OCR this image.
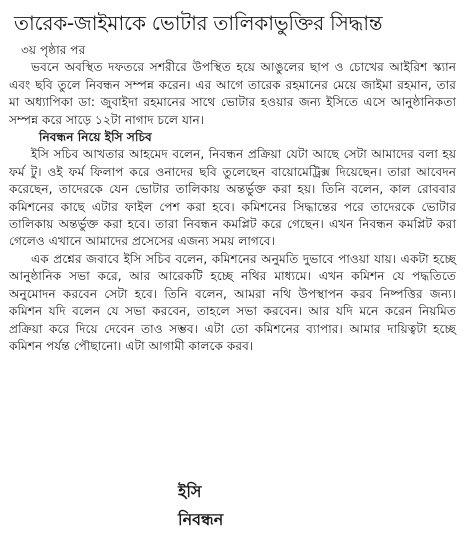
তারেক-জাইমাকে ভোটার তালিকাভুক্তির সিদ্ধান্ত

৩য় পৃষ্ঠার পর

ভবনে অবস্থিত দফতরে সশরীরে উপস্থিত হয়ে আঙুলের ছাপ ও চোখের আইরিশ স্ক্যান এবং ছবি তুলে নিবন্ধন সম্পন্ন করেন। এর আগে তারেক রহমানের মেয়ে জাইমা রহমান, তার মা অধ্যাপিকা ডা: জুবাইদা রহমানের সাথে ভোটার হওয়ার জন্য ইসিতে এসে আনুষ্ঠানিকতা সম্পন্ন করে সাড়ে ১২টা নাগাদ চলে যান।

নিবন্ধন নিয়ে ইসি সচিব

ইসি সচিব আখতার আহমেদ বলেন, নিবন্ধন প্রক্রিয়া যেটা আছে সেটা আমাদের বলা হয় ফর্ম টু। ওই ফর্ম ফিলাপ করে ওনাদের ছবি তুলেছেন বায়োমেট্রিক্স দিয়েছেন। তারা আবেদন করেছেন, তাদেরকে যেন ভোটার তালিকায় অন্তর্ভুক্ত করা হয়। তিনি বলেন, কাল রোববার কমিশনের কাছে এটার ফাইল পেশ করা হবে। কমিশনের সিদ্ধান্তের পরে তাদেরকে ভোটার তালিকায় অন্তর্ভুক্ত করা হবে। তারা নিবন্ধন কমপ্লিট করে গেছেন। এখন নিবন্ধন কমপ্লিট করা গেলেও এখানে আমাদের প্রসেসের এজন্য সময় লাগবে।

এক প্রশ্নের জবাবে ইসি সচিব বলেন, কমিশনের অনুমতি দুভাবে পাওয়া যায়। একটা হচ্ছে আনুষ্ঠানিক সভা করে, আর আরেকটি হচ্ছে নথির মাধ্যমে। এখন কমিশন যে পদ্ধতিতে অনুমোদন করবেন সেটা হবে। তিনি বলেন, আমরা নথি উপস্থাপন করব নিষ্পত্তির জন্য। কমিশন যদি বলেন যে সভা করবেন, তাহলে সভা করবেন। আর যদি মনে করেন নিয়মিত প্রক্রিয়া করে দিয়ে দেবেন তাও সম্ভব। এটা তো কমিশনের ব্যাপার। আমার দায়িত্বটা হচ্ছে কমিশন পর্যন্ত পৌছানো। এটা আগামী কালকে করব।

ইসি নিবন্ধন
